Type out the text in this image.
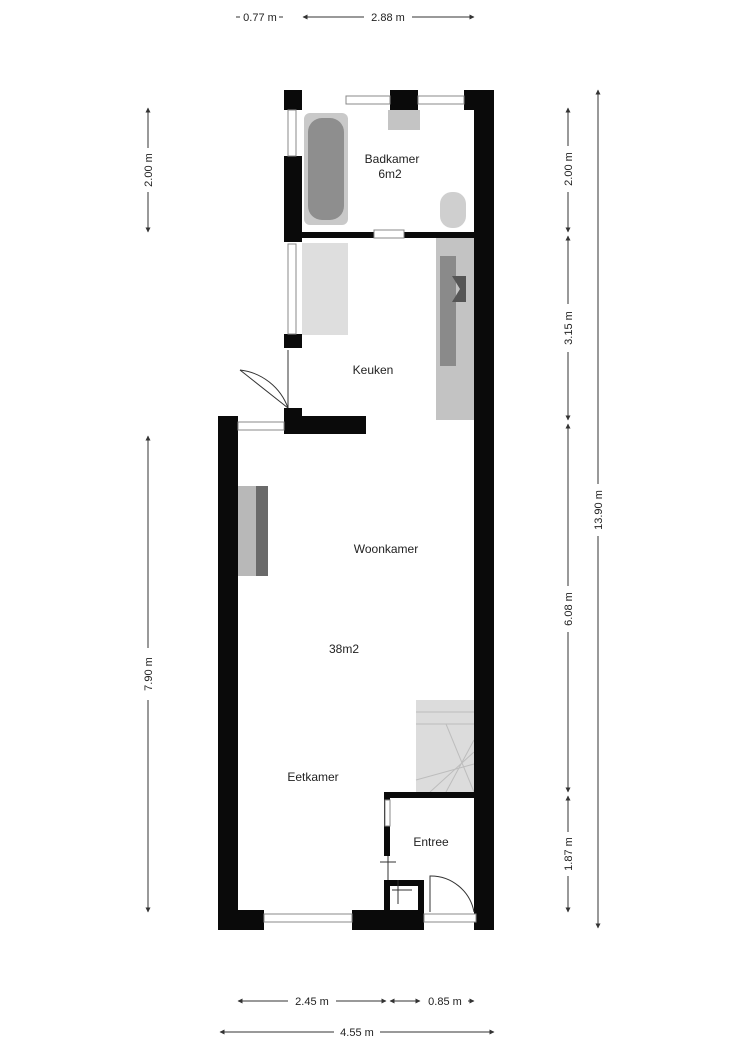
Badkamer
6m2
Keuken
Woonkamer
38m2
Eetkamer
Entree
0.77 m	2.88 m
2.00 m
7.90 m
2.00 m
3.15 m
6.08 m
1.87 m
13.90 m
2.45 m	0.85 m
4.55 m
